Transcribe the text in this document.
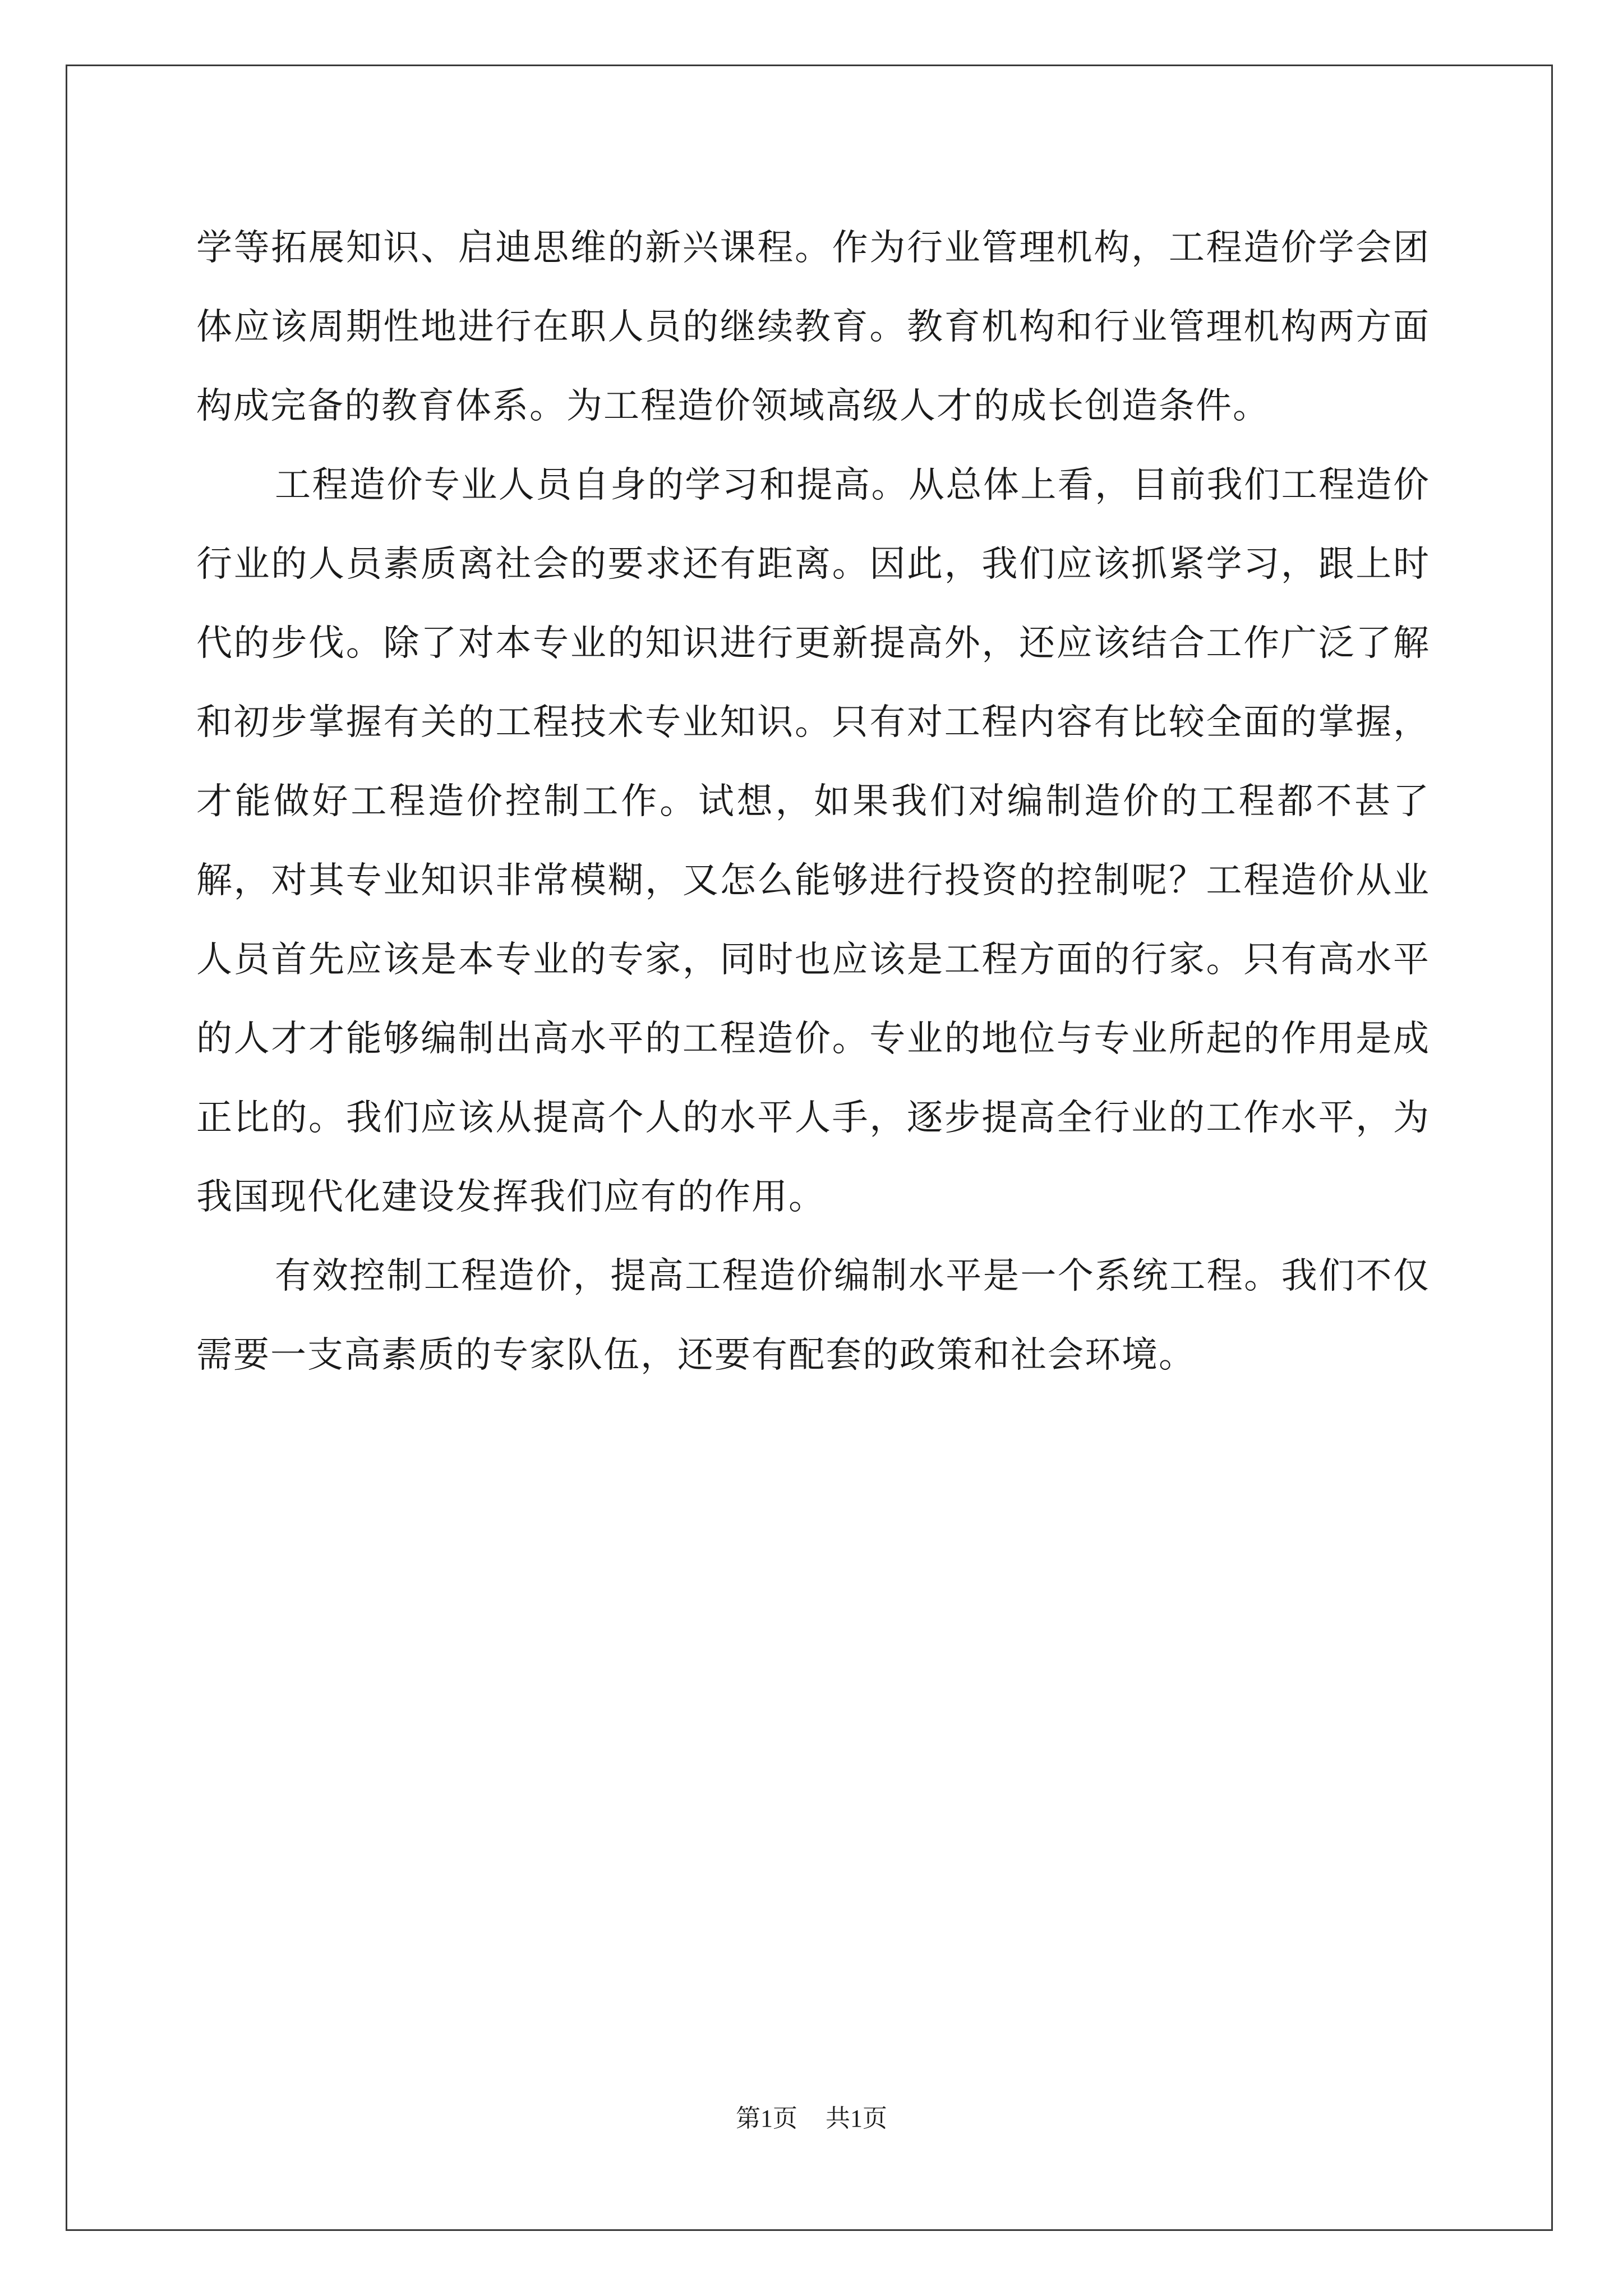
学等拓展知识、启迪思维的新兴课程。作为行业管理机构，工程造价学会团体应该周期性地进行在职人员的继续教育。教育机构和行业管理机构两方面构成完备的教育体系。为工程造价领域高级人才的成长创造条件。

工程造价专业人员自身的学习和提高。从总体上看，目前我们工程造价行业的人员素质离社会的要求还有距离。因此，我们应该抓紧学习，跟上时代的步伐。除了对本专业的知识进行更新提高外，还应该结合工作广泛了解和初步掌握有关的工程技术专业知识。只有对工程内容有比较全面的掌握，才能做好工程造价控制工作。试想，如果我们对编制造价的工程都不甚了解，对其专业知识非常模糊，又怎么能够进行投资的控制呢？工程造价从业人员首先应该是本专业的专家，同时也应该是工程方面的行家。只有高水平的人才才能够编制出高水平的工程造价。专业的地位与专业所起的作用是成正比的。我们应该从提高个人的水平人手，逐步提高全行业的工作水平，为我国现代化建设发挥我们应有的作用。

有效控制工程造价，提高工程造价编制水平是一个系统工程。我们不仅需要一支高素质的专家队伍，还要有配套的政策和社会环境。

第1页 共1页
